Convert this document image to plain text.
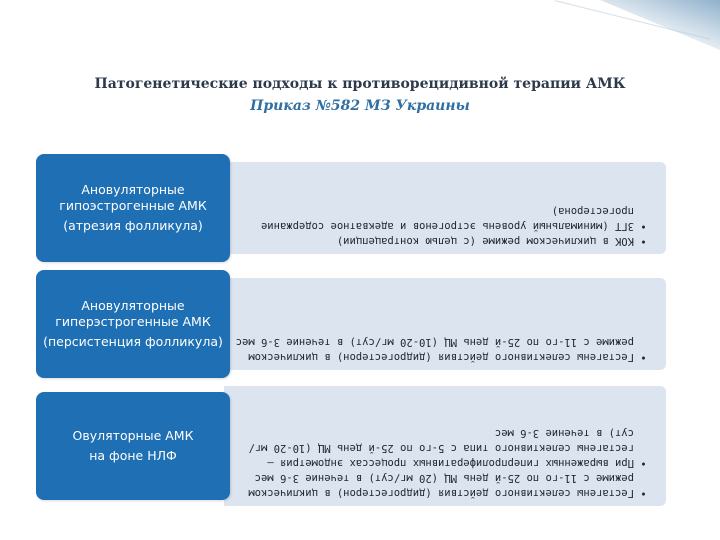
Патогенетические подходы к противорецидивной терапии АМК
Приказ №582 МЗ Украины
• КОК в циклическом режиме (с целью контрацепции)
• ЗГТ (минимальный уровень эстрогенов и адекватное содержание прогестерона)
Ановуляторные гипоэстрогенные АМК
(атрезия фолликула)
• Гестагены селективного действия (дидрогестерон) в циклическом режиме с 11-го по 25-й день МЦ (10-20 мг/сут) в течение 3-6 мес
Ановуляторные гиперэстрогенные АМК
(персистенция фолликула)
• Гестагены селективного действия (дидрогестерон) в циклическом режиме с 11-го по 25-й день МЦ (20 мг/сут) в течение 3-6 мес
• При выраженных гиперпролиферативных процессах эндометрия – гестагены селективного типа с 5-го по 25-й день МЦ (10-20 мг/сут) в течение 3-6 мес
Овуляторные АМК
на фоне НЛФ
